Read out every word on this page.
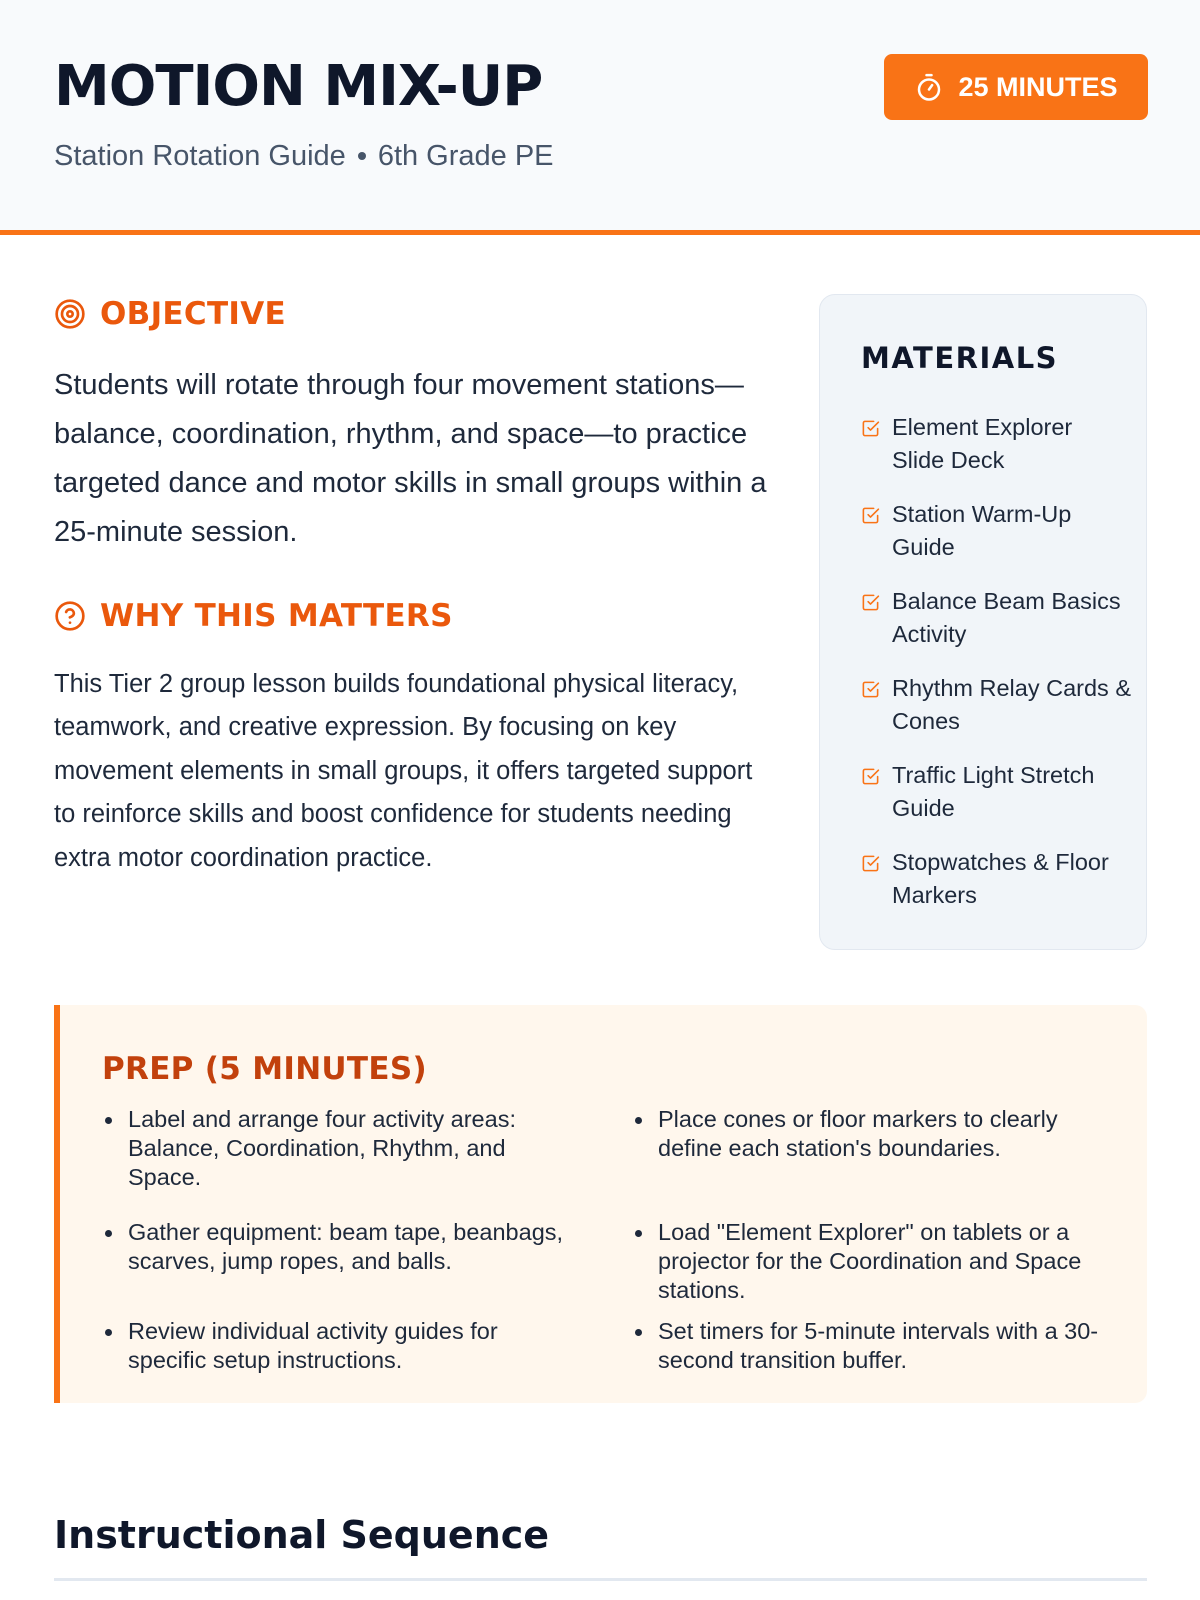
MOTION MIX-UP
Station Rotation Guide 6th Grade PE
25 MINUTES
OBJECTIVE

Students will rotate through four movement stations—balance, coordination, rhythm, and space—to practice targeted dance and motor skills in small groups within a 25-minute session.

WHY THIS MATTERS

This Tier 2 group lesson builds foundational physical literacy, teamwork, and creative expression. By focusing on key movement elements in small groups, it offers targeted support to reinforce skills and boost confidence for students needing extra motor coordination practice.

MATERIALS
Element Explorer Slide Deck
Station Warm-Up Guide
Balance Beam Basics Activity
Rhythm Relay Cards & Cones
Traffic Light Stretch Guide
Stopwatches & Floor Markers
PREP (5 MINUTES)
Label and arrange four activity areas: Balance, Coordination, Rhythm, and Space.
Gather equipment: beam tape, beanbags, scarves, jump ropes, and balls.
Review individual activity guides for specific setup instructions.
Place cones or floor markers to clearly define each station's boundaries.
Load "Element Explorer" on tablets or a projector for the Coordination and Space stations.
Set timers for 5-minute intervals with a 30-second transition buffer.
Instructional Sequence
